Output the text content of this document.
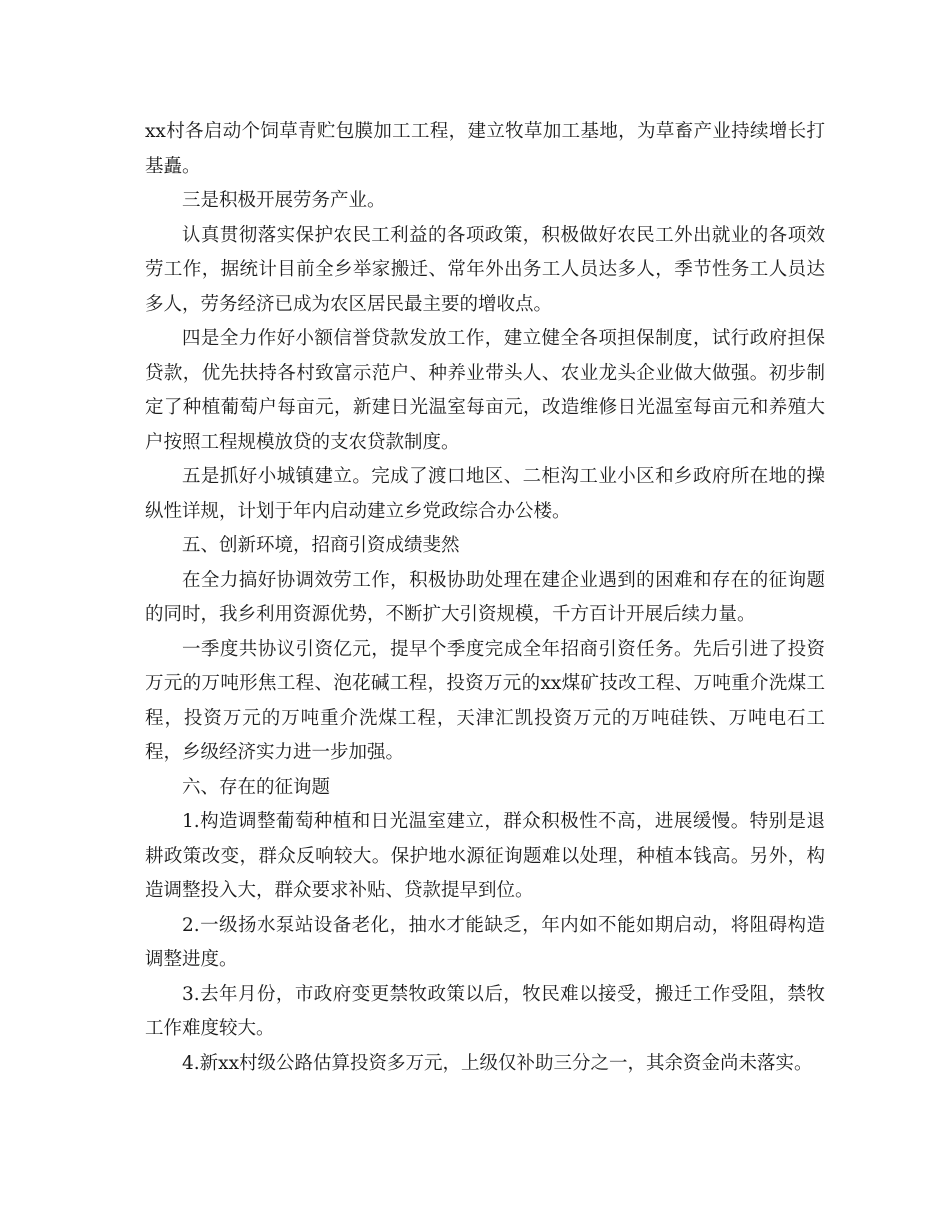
xx村各启动个饲草青贮包膜加工工程，建立牧草加工基地，为草畜产业持续增长打基矗。

三是积极开展劳务产业。

认真贯彻落实保护农民工利益的各项政策，积极做好农民工外出就业的各项效劳工作，据统计目前全乡举家搬迁、常年外出务工人员达多人，季节性务工人员达多人，劳务经济已成为农区居民最主要的增收点。

四是全力作好小额信誉贷款发放工作，建立健全各项担保制度，试行政府担保贷款，优先扶持各村致富示范户、种养业带头人、农业龙头企业做大做强。初步制定了种植葡萄户每亩元，新建日光温室每亩元，改造维修日光温室每亩元和养殖大户按照工程规模放贷的支农贷款制度。

五是抓好小城镇建立。完成了渡口地区、二柜沟工业小区和乡政府所在地的操纵性详规，计划于年内启动建立乡党政综合办公楼。

五、创新环境，招商引资成绩斐然

在全力搞好协调效劳工作，积极协助处理在建企业遇到的困难和存在的征询题的同时，我乡利用资源优势，不断扩大引资规模，千方百计开展后续力量。

一季度共协议引资亿元，提早个季度完成全年招商引资任务。先后引进了投资万元的万吨形焦工程、泡花碱工程，投资万元的xx煤矿技改工程、万吨重介洗煤工程，投资万元的万吨重介洗煤工程，天津汇凯投资万元的万吨硅铁、万吨电石工程，乡级经济实力进一步加强。

六、存在的征询题

1.构造调整葡萄种植和日光温室建立，群众积极性不高，进展缓慢。特别是退耕政策改变，群众反响较大。保护地水源征询题难以处理，种植本钱高。另外，构造调整投入大，群众要求补贴、贷款提早到位。

2.一级扬水泵站设备老化，抽水才能缺乏，年内如不能如期启动，将阻碍构造调整进度。

3.去年月份，市政府变更禁牧政策以后，牧民难以接受，搬迁工作受阻，禁牧工作难度较大。

4.新xx村级公路估算投资多万元，上级仅补助三分之一，其余资金尚未落实。
